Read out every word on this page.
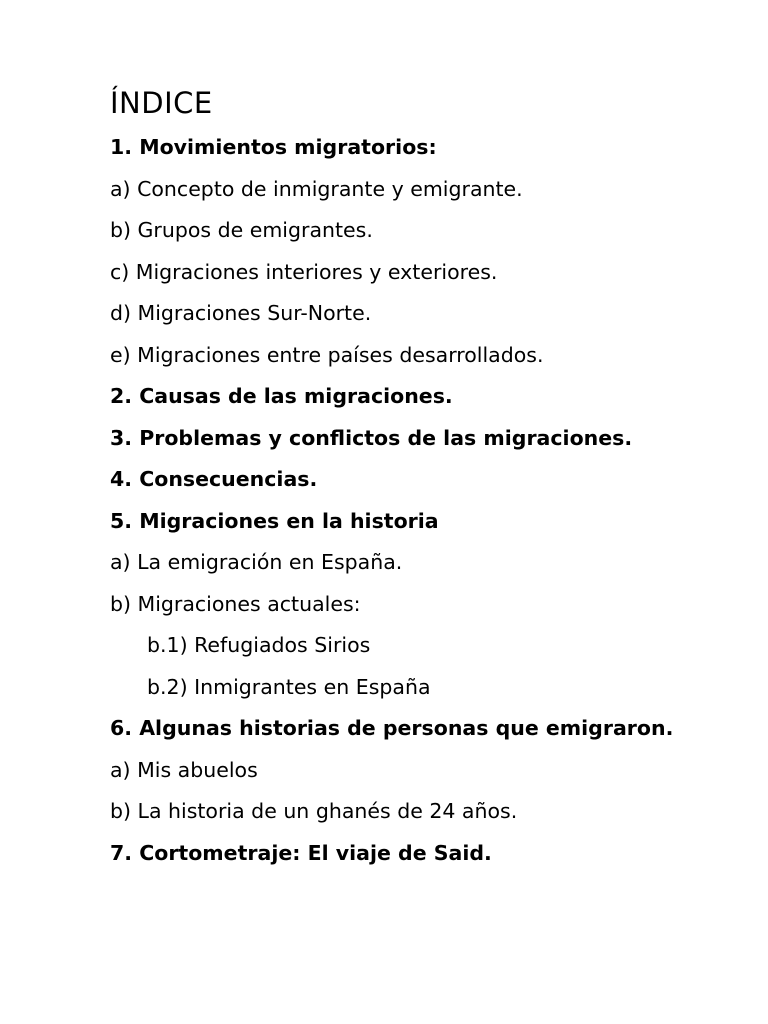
ÍNDICE
1. Movimientos migratorios:
a) Concepto de inmigrante y emigrante.
b) Grupos de emigrantes.
c) Migraciones interiores y exteriores.
d) Migraciones Sur-Norte.
e) Migraciones entre países desarrollados.
2. Causas de las migraciones.
3. Problemas y conflictos de las migraciones.
4. Consecuencias.
5. Migraciones en la historia
a) La emigración en España.
b) Migraciones actuales:
b.1) Refugiados Sirios
b.2) Inmigrantes en España
6. Algunas historias de personas que emigraron.
a) Mis abuelos
b) La historia de un ghanés de 24 años.
7. Cortometraje: El viaje de Said.
